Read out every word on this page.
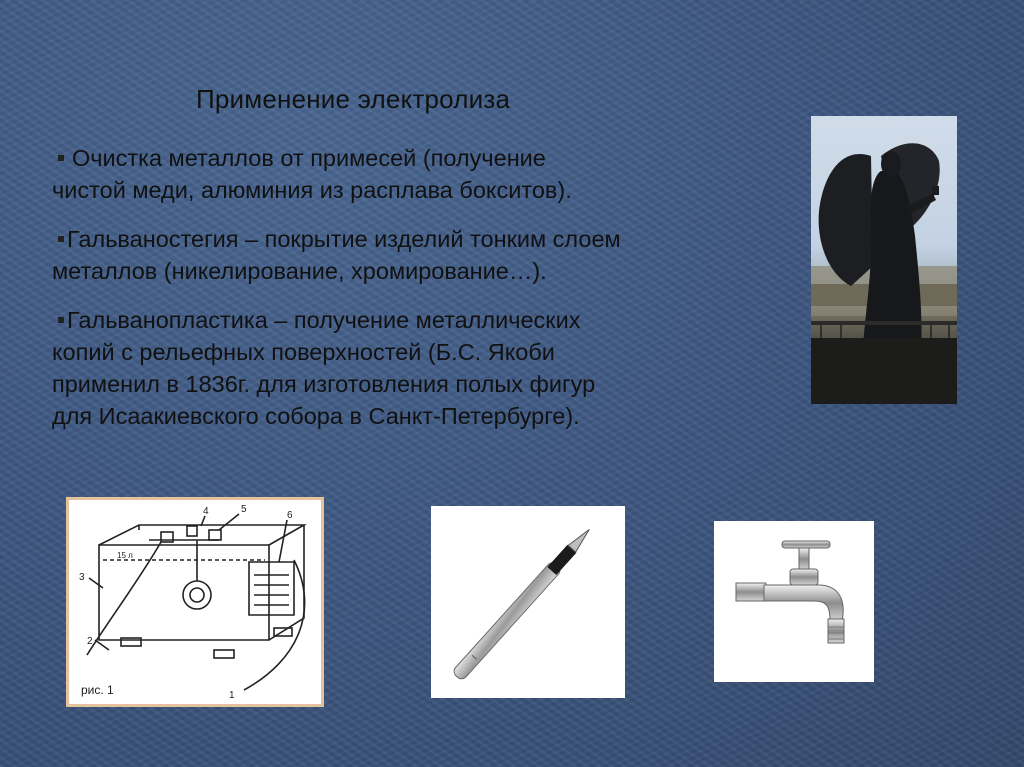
Применение электролиза
Очистка металлов от примесей (получение
чистой меди, алюминия из расплава бокситов).
Гальваностегия – покрытие изделий тонким слоем
металлов (никелирование, хромирование…).
Гальванопластика – получение металлических
копий с рельефных поверхностей (Б.С. Якоби
применил в 1836г. для изготовления полых фигур
для Исаакиевского собора в Санкт-Петербурге).
3
2
4	5
6
1
15 л
рис. 1
